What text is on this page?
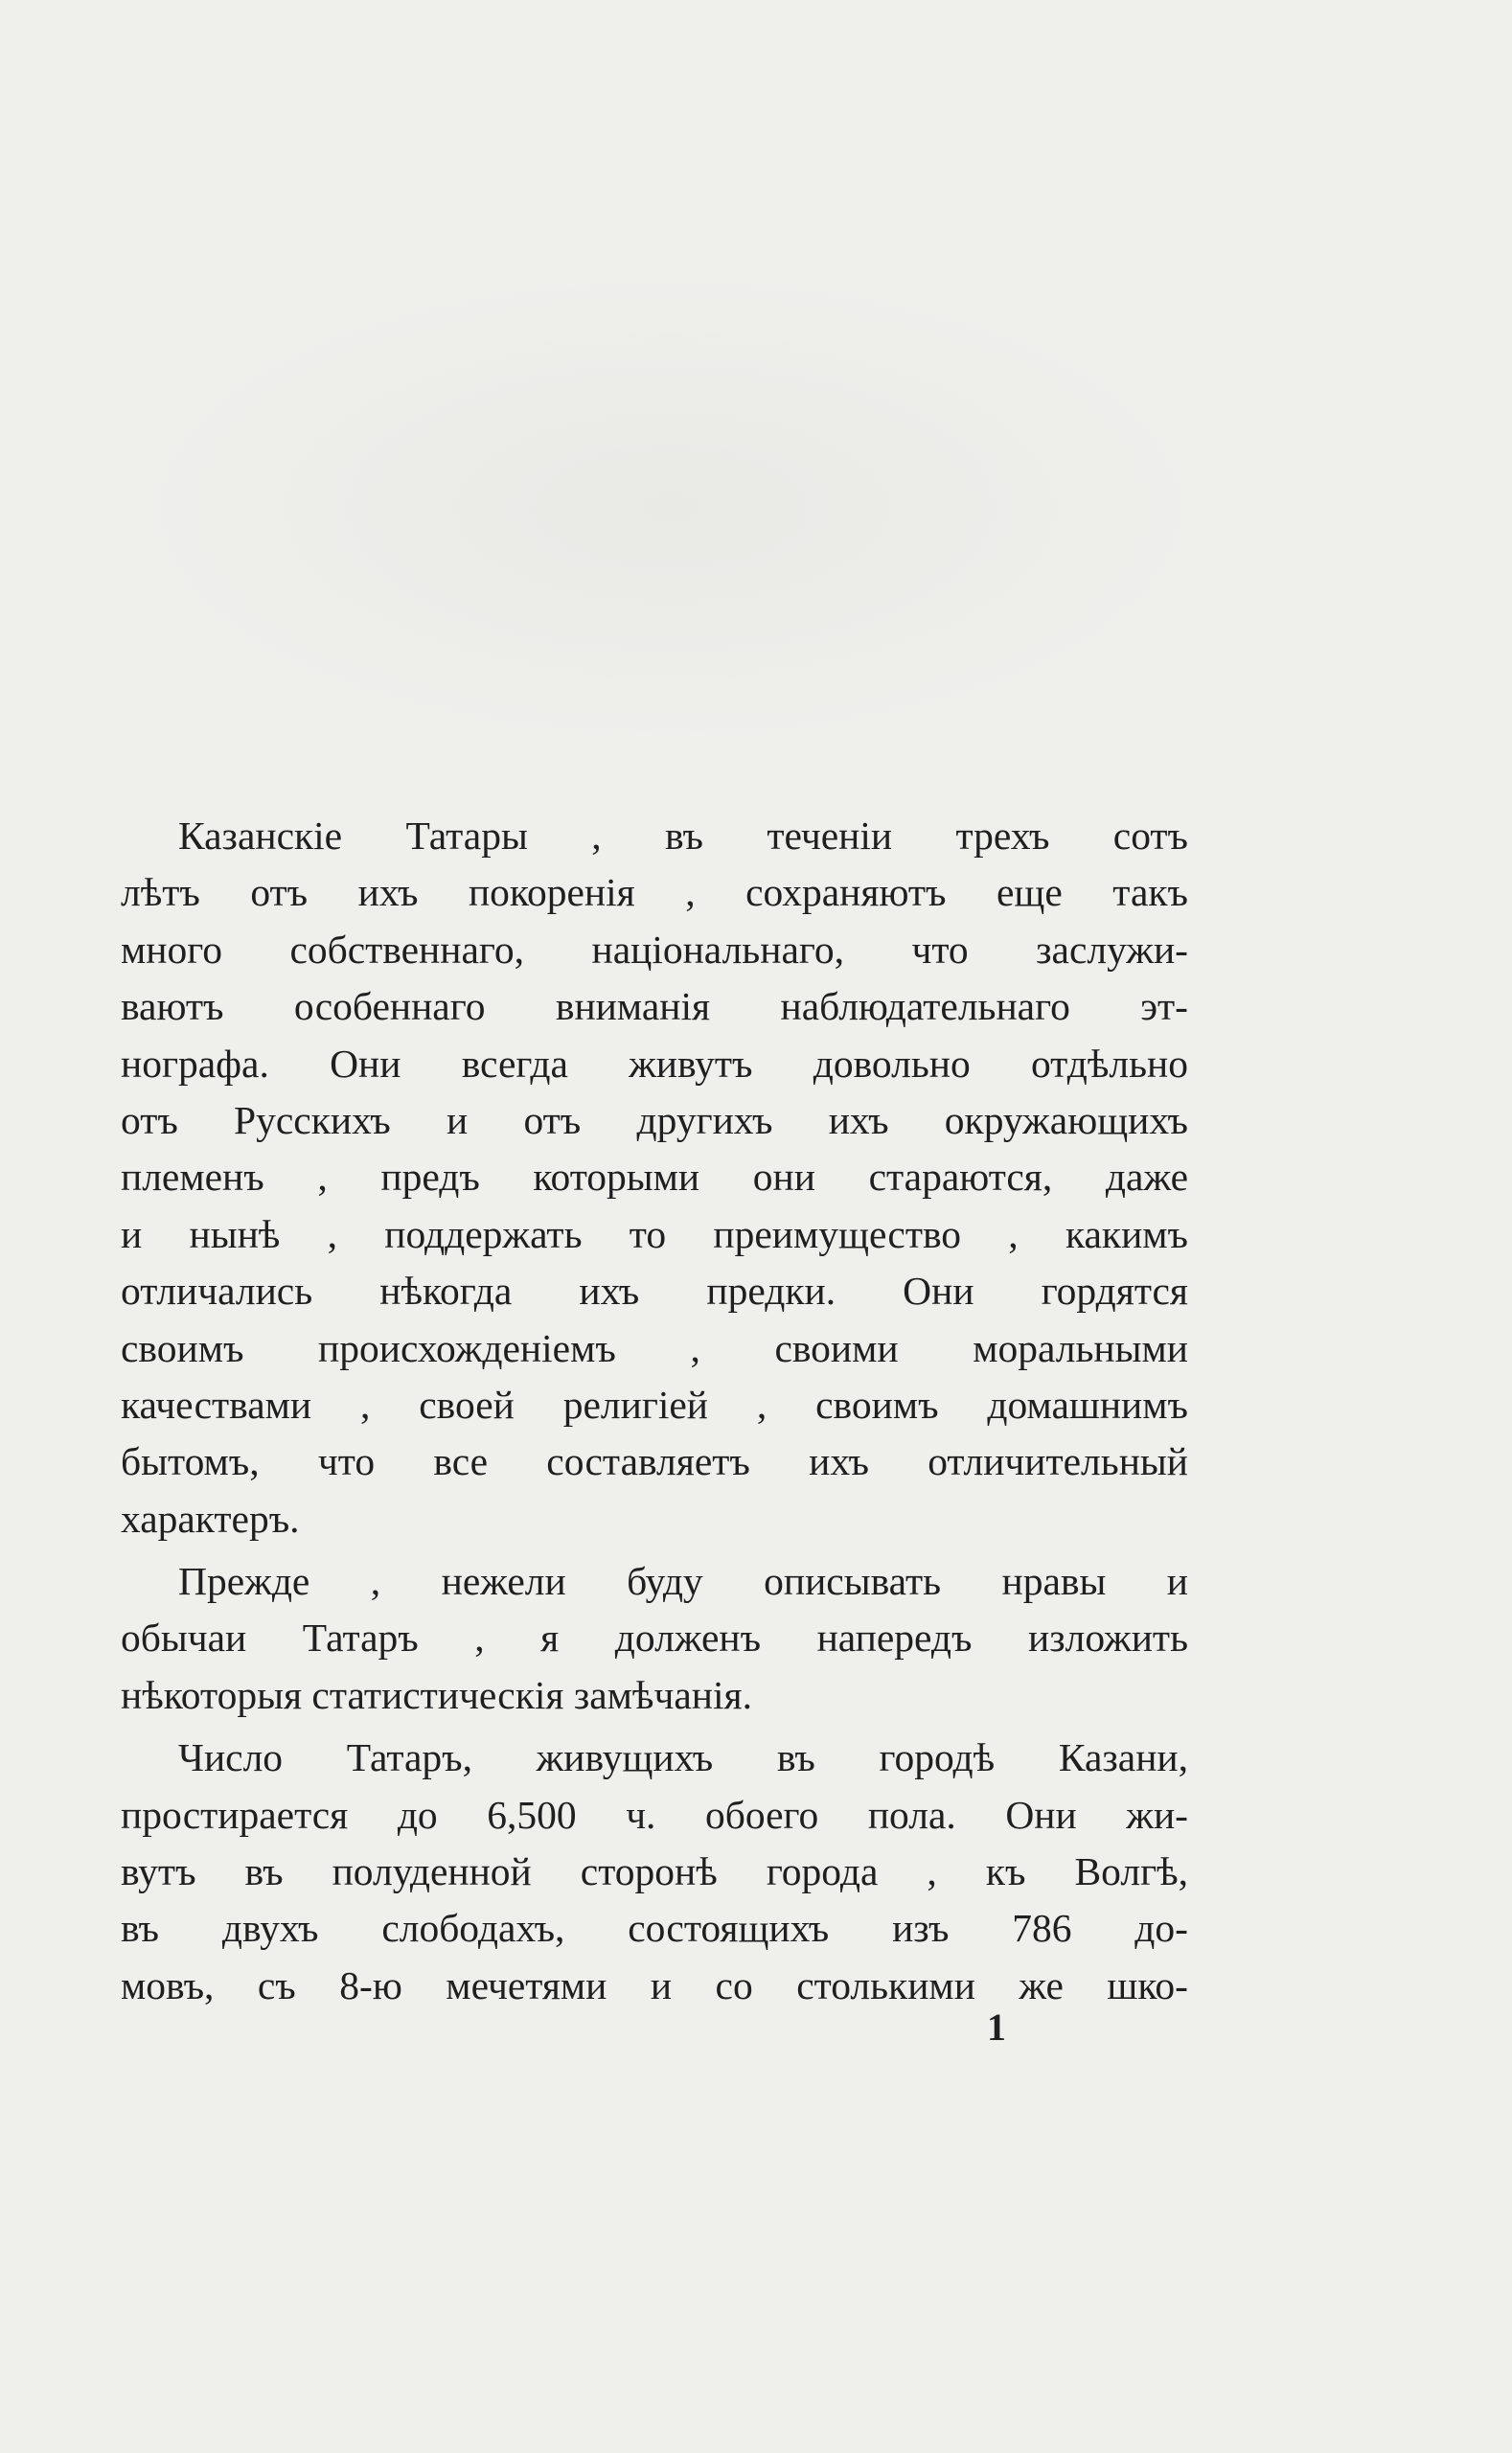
Казанскіе Татары , въ теченіи трехъ сотъ
лѣтъ отъ ихъ покоренія , сохраняютъ еще такъ
много собственнаго, національнаго, что заслужи-
ваютъ особеннаго вниманія наблюдательнаго эт-
нографа. Они всегда живутъ довольно отдѣльно
отъ Русскихъ и отъ другихъ ихъ окружающихъ
племенъ , предъ которыми они стараются, даже
и нынѣ , поддержать то преимущество , какимъ
отличались нѣкогда ихъ предки. Они гордятся
своимъ происхожденіемъ , своими моральными
качествами , своей религіей , своимъ домашнимъ
бытомъ, что все составляетъ ихъ отличительный
характеръ.
Прежде , нежели буду описывать нравы и
обычаи Татаръ , я долженъ напередъ изложить
нѣкоторыя статистическія замѣчанія.
Число Татаръ, живущихъ въ городѣ Казани,
простирается до 6,500 ч. обоего пола. Они жи-
вутъ въ полуденной сторонѣ города , къ Волгѣ,
въ двухъ слободахъ, состоящихъ изъ 786 до-
мовъ, съ 8-ю мечетями и со столькими же шко-
1
